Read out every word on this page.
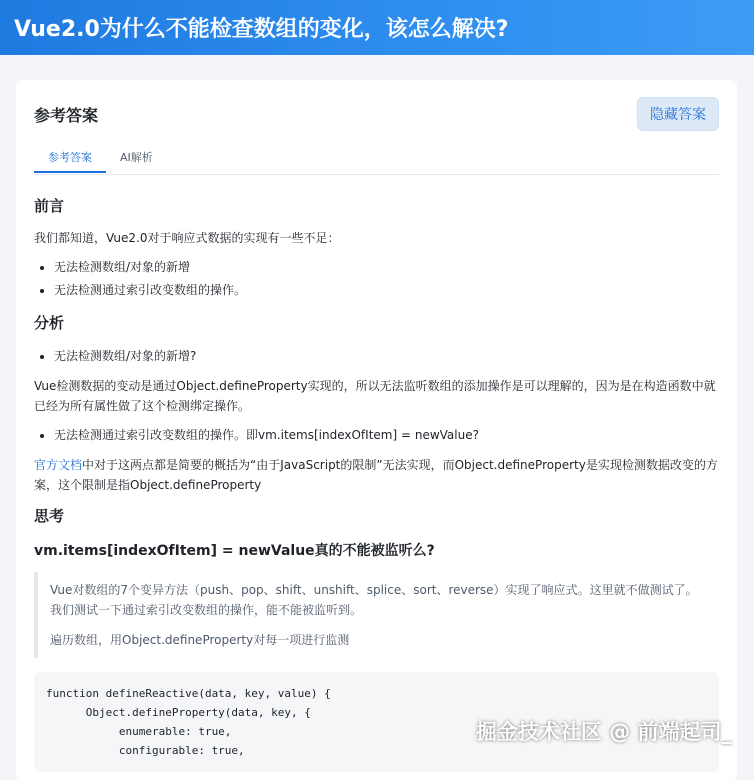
Vue2.0为什么不能检查数组的变化，该怎么解决?
参考答案	隐藏答案
参考答案	AI解析
前言

我们都知道，Vue2.0对于响应式数据的实现有一些不足：

• 无法检测数组/对象的新增
• 无法检测通过索引改变数组的操作。
分析
• 无法检测数组/对象的新增?

Vue检测数据的变动是通过Object.defineProperty实现的，所以无法监听数组的添加操作是可以理解的，因为是在构造函数中就已经为所有属性做了这个检测绑定操作。

• 无法检测通过索引改变数组的操作。即vm.items[indexOfItem] = newValue?

官方文档中对于这两点都是简要的概括为“由于JavaScript的限制”无法实现，而Object.defineProperty是实现检测数据改变的方案，这个限制是指Object.defineProperty

思考
vm.items[indexOfItem] = newValue真的不能被监听么?

Vue对数组的7个变异方法（push、pop、shift、unshift、splice、sort、reverse）实现了响应式。这里就不做测试了。我们测试一下通过索引改变数组的操作，能不能被监听到。

遍历数组，用Object.defineProperty对每一项进行监测

function defineReactive(data, key, value) {
Object.defineProperty(data, key, {
enumerable: true,
configurable: true,
掘金技术社区 @ 前端起司_
